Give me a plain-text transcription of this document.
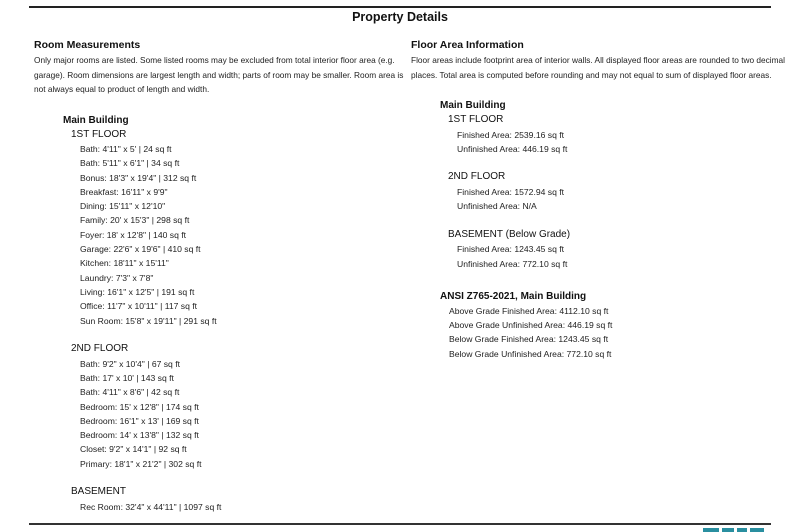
Property Details
Room Measurements
Only major rooms are listed. Some listed rooms may be excluded from total interior floor area (e.g. garage). Room dimensions are largest length and width; parts of room may be smaller. Room area is not always equal to product of length and width.
Main Building
1ST FLOOR
Bath: 4'11" x 5' | 24 sq ft
Bath: 5'11" x 6'1" | 34 sq ft
Bonus: 18'3" x 19'4" | 312 sq ft
Breakfast: 16'11" x 9'9"
Dining: 15'11" x 12'10"
Family: 20' x 15'3" | 298 sq ft
Foyer: 18' x 12'8" | 140 sq ft
Garage: 22'6" x 19'6" | 410 sq ft
Kitchen: 18'11" x 15'11"
Laundry: 7'3" x 7'8"
Living: 16'1" x 12'5" | 191 sq ft
Office: 11'7" x 10'11" | 117 sq ft
Sun Room: 15'8" x 19'11" | 291 sq ft
2ND FLOOR
Bath: 9'2" x 10'4" | 67 sq ft
Bath: 17' x 10' | 143 sq ft
Bath: 4'11" x 8'6" | 42 sq ft
Bedroom: 15' x 12'8" | 174 sq ft
Bedroom: 16'1" x 13' | 169 sq ft
Bedroom: 14' x 13'8" | 132 sq ft
Closet: 9'2" x 14'1" | 92 sq ft
Primary: 18'1" x 21'2" | 302 sq ft
BASEMENT
Rec Room: 32'4" x 44'11" | 1097 sq ft
Floor Area Information
Floor areas include footprint area of interior walls. All displayed floor areas are rounded to two decimal places. Total area is computed before rounding and may not equal to sum of displayed floor areas.
Main Building
1ST FLOOR
Finished Area: 2539.16 sq ft
Unfinished Area: 446.19 sq ft
2ND FLOOR
Finished Area: 1572.94 sq ft
Unfinished Area: N/A
BASEMENT (Below Grade)
Finished Area: 1243.45 sq ft
Unfinished Area: 772.10 sq ft
ANSI Z765-2021, Main Building
Above Grade Finished Area: 4112.10 sq ft
Above Grade Unfinished Area: 446.19 sq ft
Below Grade Finished Area: 1243.45 sq ft
Below Grade Unfinished Area: 772.10 sq ft
